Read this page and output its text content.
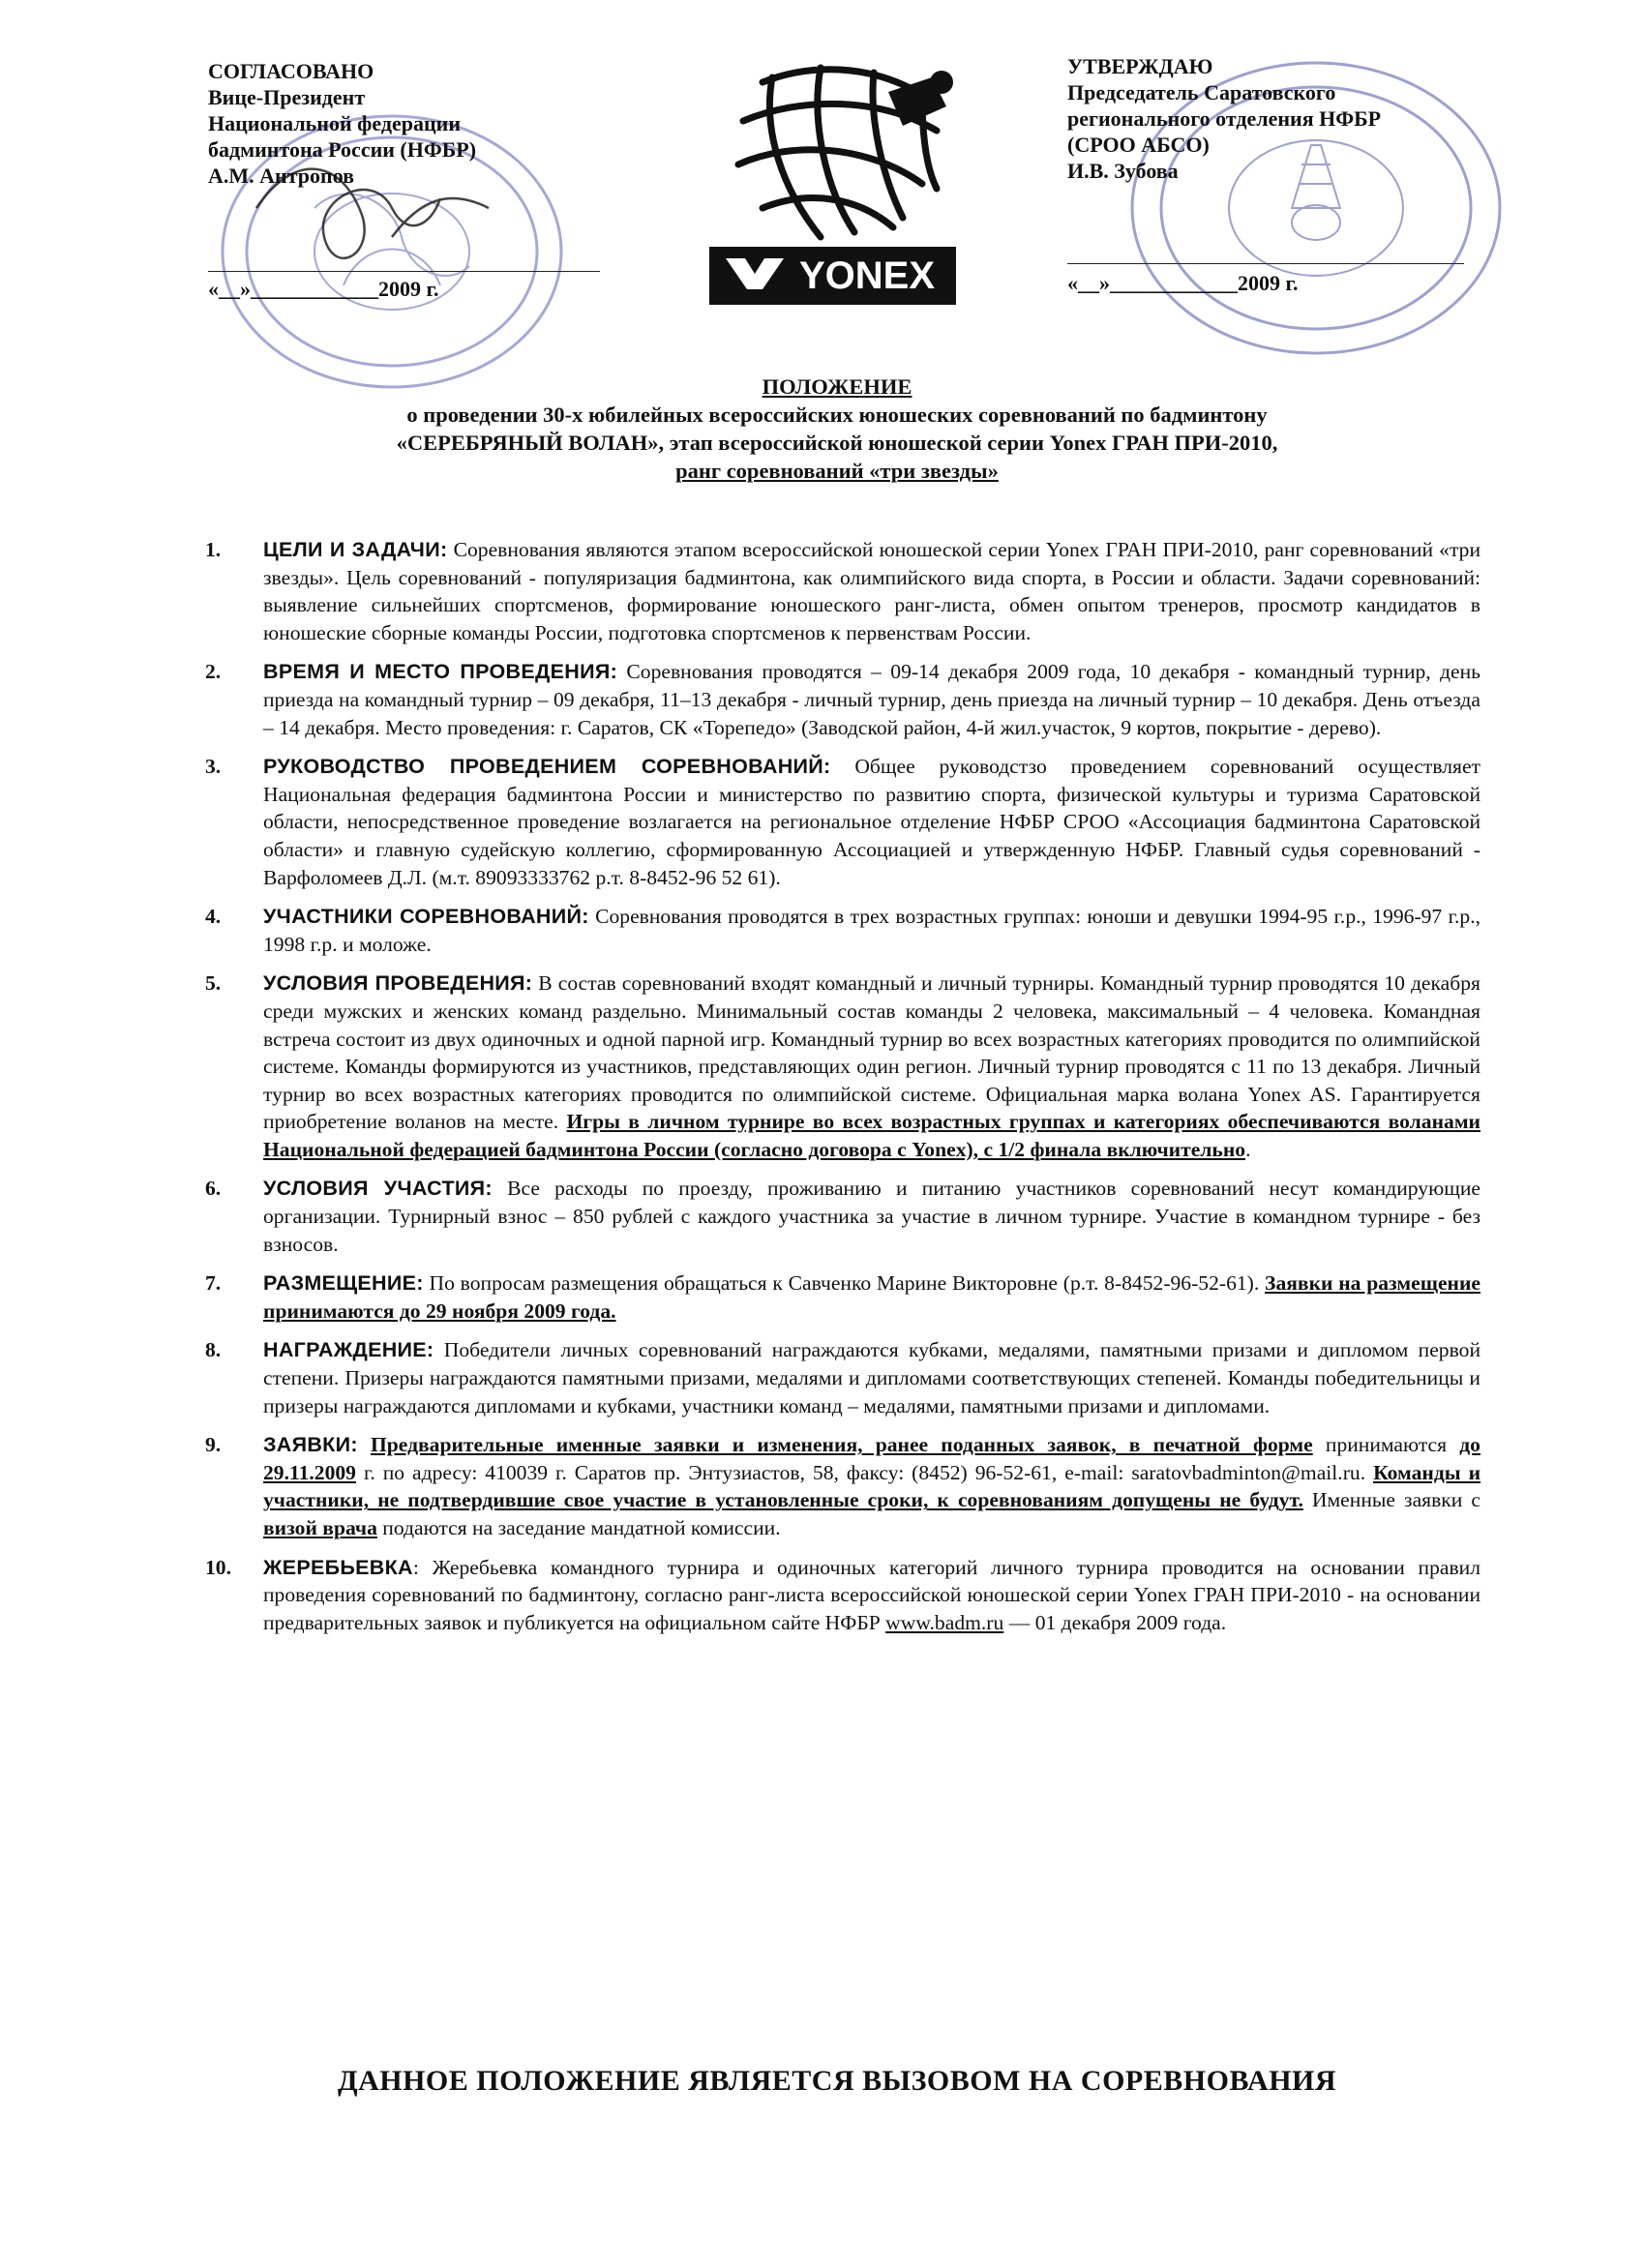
СОГЛАСОВАНО
Вице-Президент
Национальной федерации
бадминтона России (НФБР)
А.М. Антропов
«__»____________2009 г.	YONEX
УТВЕРЖДАЮ
Председатель Саратовского
регионального отделения НФБР
(СРОО АБСО)
И.В. Зубова
«__»____________2009 г.
ПОЛОЖЕНИЕ
о проведении 30-х юбилейных всероссийских юношеских соревнований по бадминтону
«СЕРЕБРЯНЫЙ ВОЛАН», этап всероссийской юношеской серии Yonex ГРАН ПРИ-2010,
ранг соревнований «три звезды»
1.	ЦЕЛИ И ЗАДАЧИ: Соревнования являются этапом всероссийской юношеской серии Yonex ГРАН ПРИ-2010, ранг соревнований «три звезды». Цель соревнований - популяризация бадминтона, как олимпийского вида спорта, в России и области. Задачи соревнований: выявление сильнейших спортсменов, формирование юношеского ранг-листа, обмен опытом тренеров, просмотр кандидатов в юношеские сборные команды России, подготовка спортсменов к первенствам России.
2.	ВРЕМЯ И МЕСТО ПРОВЕДЕНИЯ: Соревнования проводятся – 09-14 декабря 2009 года, 10 декабря - командный турнир, день приезда на командный турнир – 09 декабря, 11–13 декабря - личный турнир, день приезда на личный турнир – 10 декабря. День отъезда – 14 декабря. Место проведения: г. Саратов, СК «Торепедо» (Заводской район, 4-й жил.участок, 9 кортов, покрытие - дерево).
3.	РУКОВОДСТВО ПРОВЕДЕНИЕМ СОРЕВНОВАНИЙ: Общее руководстзо проведением соревнований осуществляет Национальная федерация бадминтона России и министерство по развитию спорта, физической культуры и туризма Саратовской области, непосредственное проведение возлагается на региональное отделение НФБР СРОО «Ассоциация бадминтона Саратовской области» и главную судейскую коллегию, сформированную Ассоциацией и утвержденную НФБР. Главный судья соревнований - Варфоломеев Д.Л. (м.т. 89093333762 р.т. 8-8452-96 52 61).
4.	УЧАСТНИКИ СОРЕВНОВАНИЙ: Соревнования проводятся в трех возрастных группах: юноши и девушки 1994-95 г.р., 1996-97 г.р., 1998 г.р. и моложе.
5.	УСЛОВИЯ ПРОВЕДЕНИЯ: В состав соревнований входят командный и личный турниры. Командный турнир проводятся 10 декабря среди мужских и женских команд раздельно. Минимальный состав команды 2 человека, максимальный – 4 человека. Командная встреча состоит из двух одиночных и одной парной игр. Командный турнир во всех возрастных категориях проводится по олимпийской системе. Команды формируются из участников, представляющих один регион. Личный турнир проводятся с 11 по 13 декабря. Личный турнир во всех возрастных категориях проводится по олимпийской системе. Официальная марка волана Yonex AS. Гарантируется приобретение воланов на месте. Игры в личном турнире во всех возрастных группах и категориях обеспечиваются воланами Национальной федерацией бадминтона России (согласно договора с Yonex), с 1/2 финала включительно.
6.	УСЛОВИЯ УЧАСТИЯ: Все расходы по проезду, проживанию и питанию участников соревнований несут командирующие организации. Турнирный взнос – 850 рублей с каждого участника за участие в личном турнире. Участие в командном турнире - без взносов.
7.	РАЗМЕЩЕНИЕ: По вопросам размещения обращаться к Савченко Марине Викторовне (р.т. 8-8452-96-52-61). Заявки на размещение принимаются до 29 ноября 2009 года.
8.	НАГРАЖДЕНИЕ: Победители личных соревнований награждаются кубками, медалями, памятными призами и дипломом первой степени. Призеры награждаются памятными призами, медалями и дипломами соответствующих степеней. Команды победительницы и призеры награждаются дипломами и кубками, участники команд – медалями, памятными призами и дипломами.
9.	ЗАЯВКИ: Предварительные именные заявки и изменения, ранее поданных заявок, в печатной форме принимаются до 29.11.2009 г. по адресу: 410039 г. Саратов пр. Энтузиастов, 58, факсу: (8452) 96-52-61, e-mail: saratovbadminton@mail.ru. Команды и участники, не подтвердившие свое участие в установленные сроки, к соревнованиям допущены не будут. Именные заявки с визой врача подаются на заседание мандатной комиссии.
10.	ЖЕРЕБЬЕВКА: Жеребьевка командного турнира и одиночных категорий личного турнира проводится на основании правил проведения соревнований по бадминтону, согласно ранг-листа всероссийской юношеской серии Yonex ГРАН ПРИ-2010 - на основании предварительных заявок и публикуется на официальном сайте НФБР www.badm.ru — 01 декабря 2009 года.
ДАННОЕ ПОЛОЖЕНИЕ ЯВЛЯЕТСЯ ВЫЗОВОМ НА СОРЕВНОВАНИЯ
